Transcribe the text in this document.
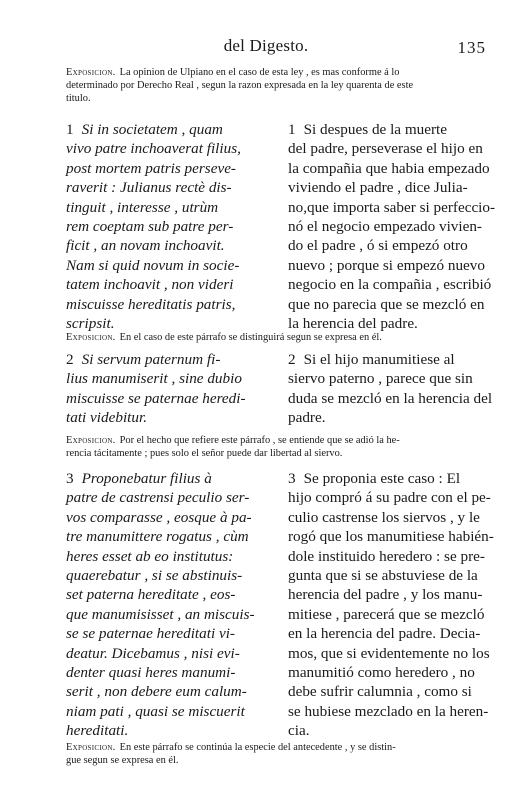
del Digesto.	135
Exposicion. La opinion de Ulpiano en el caso de esta ley , es mas conforme á lo
determinado por Derecho Real , segun la razon expresada en la ley quarenta de este
titulo.
1 Si in societatem , quam
vivo patre inchoaverat filius,
post mortem patris perseve-
raverit : Julianus rectè dis-
tinguit , interesse , utrùm
rem coeptam sub patre per-
ficit , an novam inchoavit.
Nam si quid novum in socie-
tatem inchoavit , non videri
miscuisse hereditatis patris,
scripsit.
1 Si despues de la muerte
del padre, perseverase el hijo en
la compañia que habia empezado
viviendo el padre , dice Julia-
no,que importa saber si perfeccio-
nó el negocio empezado vivien-
do el padre , ó si empezó otro
nuevo ; porque si empezó nuevo
negocio en la compañia , escribió
que no parecia que se mezcló en
la herencia del padre.
Exposicion. En el caso de este párrafo se distinguirá segun se expresa en él.
2 Si servum paternum fi-
lius manumiserit , sine dubio
miscuisse se paternae heredi-
tati videbitur.
2 Si el hijo manumitiese al
siervo paterno , parece que sin
duda se mezcló en la herencia del
padre.
Exposicion. Por el hecho que refiere este párrafo , se entiende que se adió la he-
rencia tácitamente ; pues solo el señor puede dar libertad al siervo.
3 Proponebatur filius à
patre de castrensi peculio ser-
vos comparasse , eosque à pa-
tre manumittere rogatus , cùm
heres esset ab eo institutus:
quaerebatur , si se abstinuis-
set paterna hereditate , eos-
que manumisisset , an miscuis-
se se paternae hereditati vi-
deatur. Dicebamus , nisi evi-
denter quasi heres manumi-
serit , non debere eum calum-
niam pati , quasi se miscuerit
hereditati.
3 Se proponia este caso : El
hijo compró á su padre con el pe-
culio castrense los siervos , y le
rogó que los manumitiese habién-
dole instituido heredero : se pre-
gunta que si se abstuviese de la
herencia del padre , y los manu-
mitiese , parecerá que se mezcló
en la herencia del padre. Decia-
mos, que si evidentemente no los
manumitió como heredero , no
debe sufrir calumnia , como si
se hubiese mezclado en la heren-
cia.
Exposicion. En este párrafo se continúa la especie del antecedente , y se distin-
gue segun se expresa en él.
